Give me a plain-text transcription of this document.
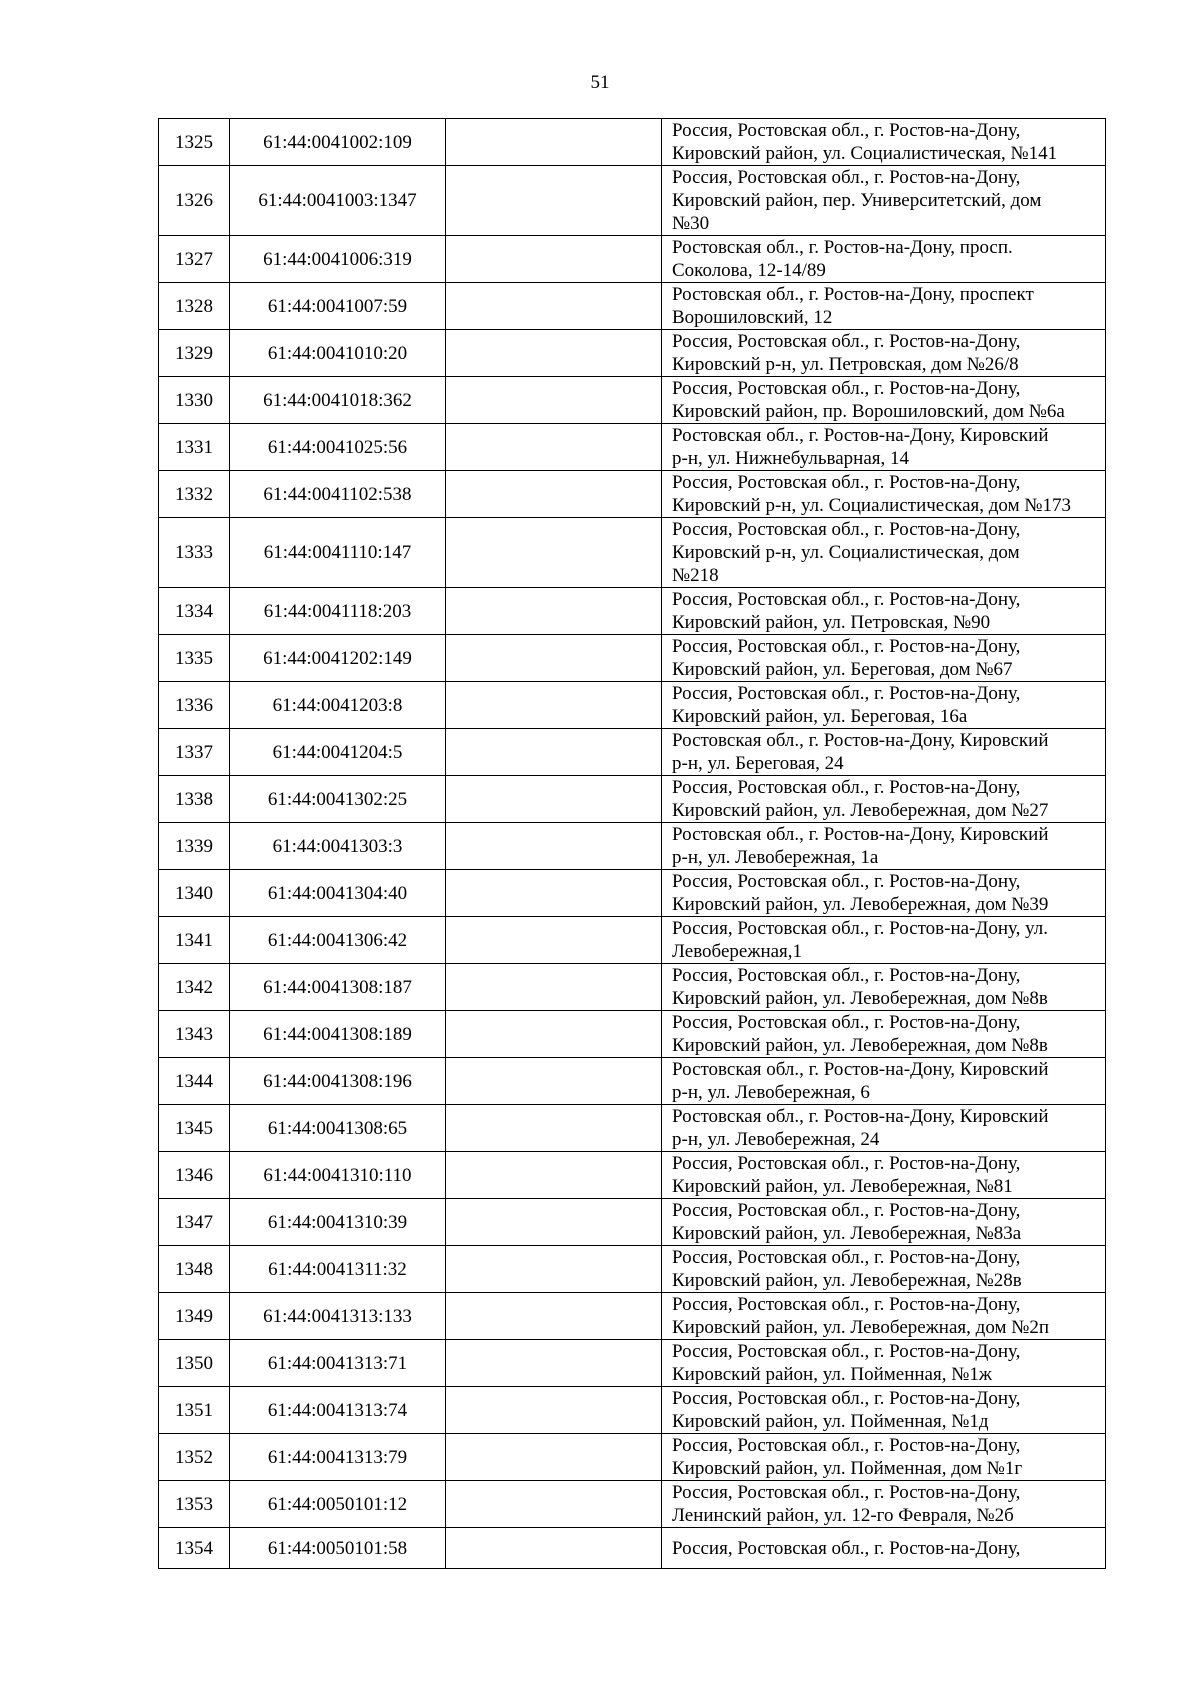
51
1325	61:44:0041002:109		Россия, Ростовская обл., г. Ростов-на-Дону,
Кировский район, ул. Социалистическая, №141

1326	61:44:0041003:1347		Россия, Ростовская обл., г. Ростов-на-Дону,
Кировский район, пер. Университетский, дом
№30

1327	61:44:0041006:319		Ростовская обл., г. Ростов-на-Дону, просп.
Соколова, 12-14/89

1328	61:44:0041007:59		Ростовская обл., г. Ростов-на-Дону, проспект
Ворошиловский, 12

1329	61:44:0041010:20		Россия, Ростовская обл., г. Ростов-на-Дону,
Кировский р-н, ул. Петровская, дом №26/8

1330	61:44:0041018:362		Россия, Ростовская обл., г. Ростов-на-Дону,
Кировский район, пр. Ворошиловский, дом №6а

1331	61:44:0041025:56		Ростовская обл., г. Ростов-на-Дону, Кировский
р-н, ул. Нижнебульварная, 14

1332	61:44:0041102:538		Россия, Ростовская обл., г. Ростов-на-Дону,
Кировский р-н, ул. Социалистическая, дом №173

1333	61:44:0041110:147		Россия, Ростовская обл., г. Ростов-на-Дону,
Кировский р-н, ул. Социалистическая, дом
№218

1334	61:44:0041118:203		Россия, Ростовская обл., г. Ростов-на-Дону,
Кировский район, ул. Петровская, №90

1335	61:44:0041202:149		Россия, Ростовская обл., г. Ростов-на-Дону,
Кировский район, ул. Береговая, дом №67

1336	61:44:0041203:8		Россия, Ростовская обл., г. Ростов-на-Дону,
Кировский район, ул. Береговая, 16а

1337	61:44:0041204:5		Ростовская обл., г. Ростов-на-Дону, Кировский
р-н, ул. Береговая, 24

1338	61:44:0041302:25		Россия, Ростовская обл., г. Ростов-на-Дону,
Кировский район, ул. Левобережная, дом №27

1339	61:44:0041303:3		Ростовская обл., г. Ростов-на-Дону, Кировский
р-н, ул. Левобережная, 1а

1340	61:44:0041304:40		Россия, Ростовская обл., г. Ростов-на-Дону,
Кировский район, ул. Левобережная, дом №39

1341	61:44:0041306:42		Россия, Ростовская обл., г. Ростов-на-Дону, ул.
Левобережная,1

1342	61:44:0041308:187		Россия, Ростовская обл., г. Ростов-на-Дону,
Кировский район, ул. Левобережная, дом №8в

1343	61:44:0041308:189		Россия, Ростовская обл., г. Ростов-на-Дону,
Кировский район, ул. Левобережная, дом №8в

1344	61:44:0041308:196		Ростовская обл., г. Ростов-на-Дону, Кировский
р-н, ул. Левобережная, 6

1345	61:44:0041308:65		Ростовская обл., г. Ростов-на-Дону, Кировский
р-н, ул. Левобережная, 24

1346	61:44:0041310:110		Россия, Ростовская обл., г. Ростов-на-Дону,
Кировский район, ул. Левобережная, №81

1347	61:44:0041310:39		Россия, Ростовская обл., г. Ростов-на-Дону,
Кировский район, ул. Левобережная, №83а

1348	61:44:0041311:32		Россия, Ростовская обл., г. Ростов-на-Дону,
Кировский район, ул. Левобережная, №28в

1349	61:44:0041313:133		Россия, Ростовская обл., г. Ростов-на-Дону,
Кировский район, ул. Левобережная, дом №2п

1350	61:44:0041313:71		Россия, Ростовская обл., г. Ростов-на-Дону,
Кировский район, ул. Пойменная, №1ж

1351	61:44:0041313:74		Россия, Ростовская обл., г. Ростов-на-Дону,
Кировский район, ул. Пойменная, №1д

1352	61:44:0041313:79		Россия, Ростовская обл., г. Ростов-на-Дону,
Кировский район, ул. Пойменная, дом №1г

1353	61:44:0050101:12		Россия, Ростовская обл., г. Ростов-на-Дону,
Ленинский район, ул. 12-го Февраля, №2б

1354	61:44:0050101:58		Россия, Ростовская обл., г. Ростов-на-Дону,
